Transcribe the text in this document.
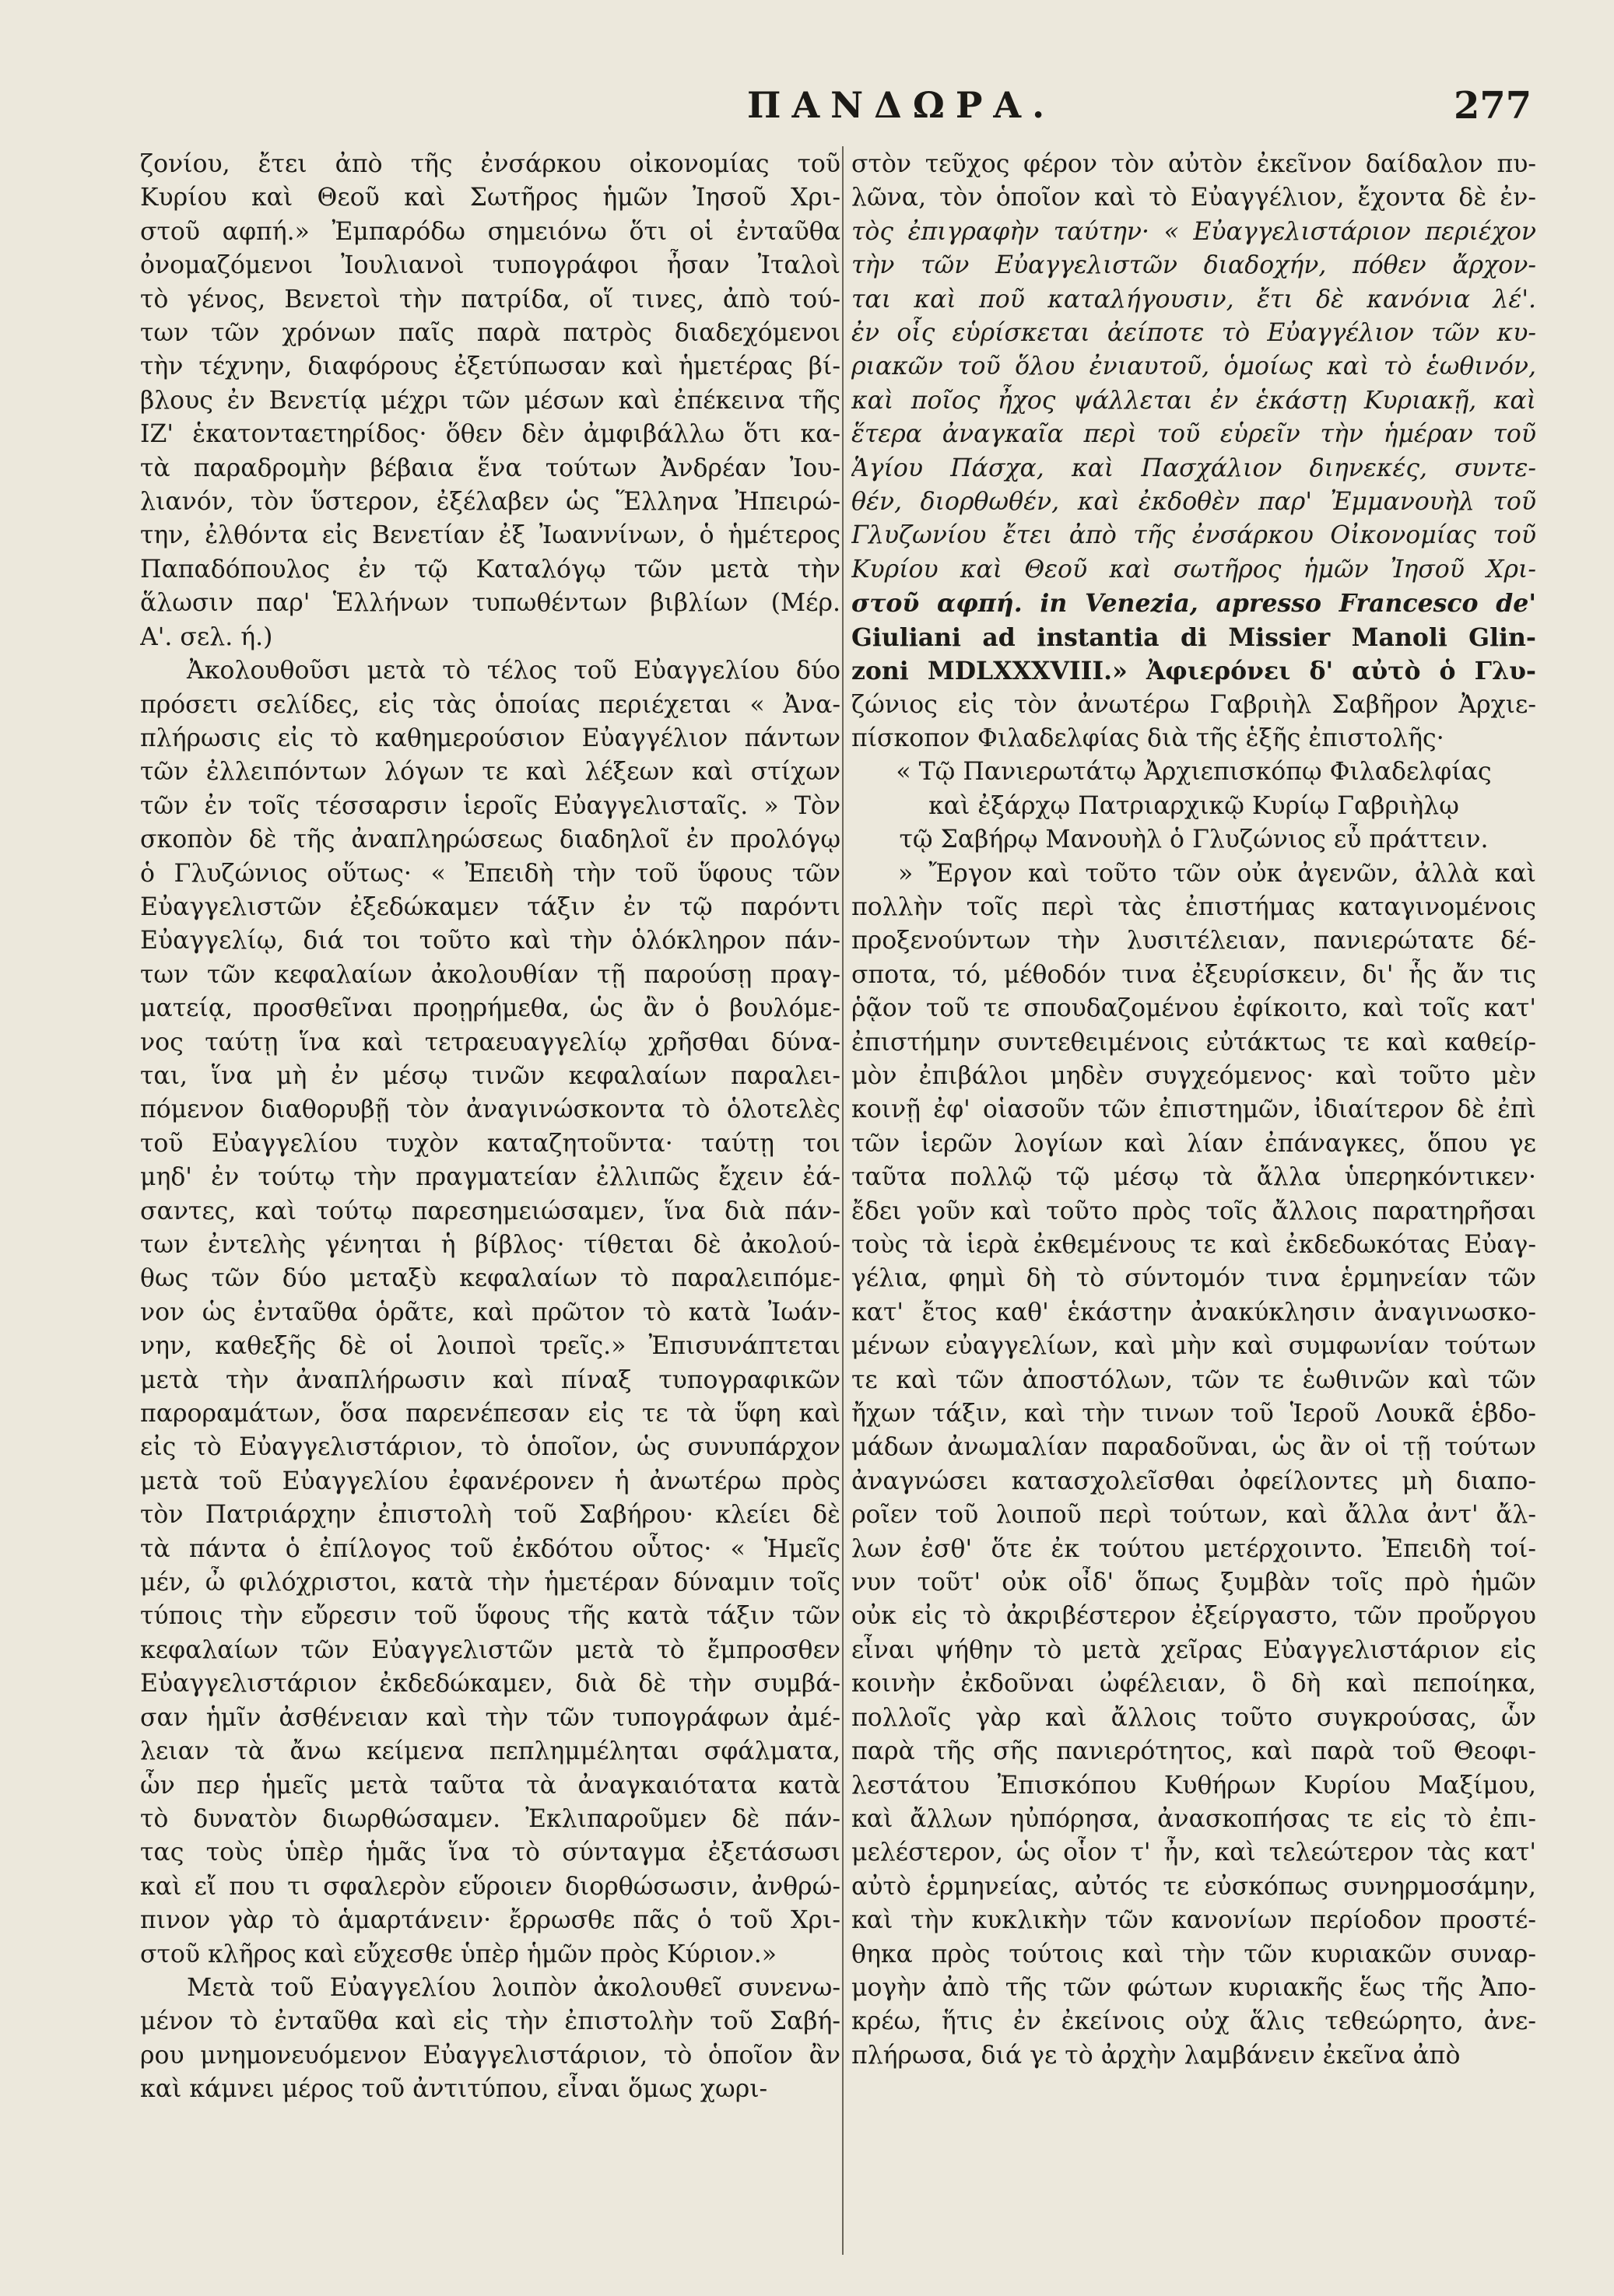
ΠΑΝΔΩΡΑ.	277
ζονίου, ἔτει ἀπὸ τῆς ἐνσάρκου οἰκονομίας τοῦ
Κυρίου καὶ Θεοῦ καὶ Σωτῆρος ἡμῶν Ἰησοῦ Χρι-
στοῦ αφπή.» Ἐμπαρόδω σημειόνω ὅτι οἱ ἐνταῦθα
ὀνομαζόμενοι Ἰουλιανοὶ τυπογράφοι ἦσαν Ἰταλοὶ
τὸ γένος, Βενετοὶ τὴν πατρίδα, οἵ τινες, ἀπὸ τού-
των τῶν χρόνων παῖς παρὰ πατρὸς διαδεχόμενοι
τὴν τέχνην, διαφόρους ἐξετύπωσαν καὶ ἡμετέρας βί-
βλους ἐν Βενετίᾳ μέχρι τῶν μέσων καὶ ἐπέκεινα τῆς
ΙΖ' ἑκατονταετηρίδος· ὅθεν δὲν ἀμφιβάλλω ὅτι κα-
τὰ παραδρομὴν βέβαια ἕνα τούτων Ἀνδρέαν Ἰου-
λιανόν, τὸν ὕστερον, ἐξέλαβεν ὡς Ἕλληνα Ἠπειρώ-
την, ἐλθόντα εἰς Βενετίαν ἐξ Ἰωαννίνων, ὁ ἡμέτερος
Παπαδόπουλος ἐν τῷ Καταλόγῳ τῶν μετὰ τὴν
ἅλωσιν παρ' Ἑλλήνων τυπωθέντων βιβλίων (Μέρ.
Α'. σελ. ή.)
Ἀκολουθοῦσι μετὰ τὸ τέλος τοῦ Εὐαγγελίου δύο
πρόσετι σελίδες, εἰς τὰς ὁποίας περιέχεται « Ἀνα-
πλήρωσις εἰς τὸ καθημερούσιον Εὐαγγέλιον πάντων
τῶν ἐλλειπόντων λόγων τε καὶ λέξεων καὶ στίχων
τῶν ἐν τοῖς τέσσαρσιν ἱεροῖς Εὐαγγελισταῖς. » Τὸν
σκοπὸν δὲ τῆς ἀναπληρώσεως διαδηλοῖ ἐν προλόγῳ
ὁ Γλυζώνιος οὕτως· « Ἐπειδὴ τὴν τοῦ ὕφους τῶν
Εὐαγγελιστῶν ἐξεδώκαμεν τάξιν ἐν τῷ παρόντι
Εὐαγγελίῳ, διά τοι τοῦτο καὶ τὴν ὁλόκληρον πάν-
των τῶν κεφαλαίων ἀκολουθίαν τῇ παρούσῃ πραγ-
ματείᾳ, προσθεῖναι προῃρήμεθα, ὡς ἂν ὁ βουλόμε-
νος ταύτῃ ἵνα καὶ τετραευαγγελίῳ χρῆσθαι δύνα-
ται, ἵνα μὴ ἐν μέσῳ τινῶν κεφαλαίων παραλει-
πόμενον διαθορυβῇ τὸν ἀναγινώσκοντα τὸ ὁλοτελὲς
τοῦ Εὐαγγελίου τυχὸν καταζητοῦντα· ταύτῃ τοι
μηδ' ἐν τούτῳ τὴν πραγματείαν ἐλλιπῶς ἔχειν ἐά-
σαντες, καὶ τούτῳ παρεσημειώσαμεν, ἵνα διὰ πάν-
των ἐντελὴς γένηται ἡ βίβλος· τίθεται δὲ ἀκολού-
θως τῶν δύο μεταξὺ κεφαλαίων τὸ παραλειπόμε-
νον ὡς ἐνταῦθα ὁρᾶτε, καὶ πρῶτον τὸ κατὰ Ἰωάν-
νην, καθεξῆς δὲ οἱ λοιποὶ τρεῖς.» Ἐπισυνάπτεται
μετὰ τὴν ἀναπλήρωσιν καὶ πίναξ τυπογραφικῶν
παροραμάτων, ὅσα παρενέπεσαν εἰς τε τὰ ὕφη καὶ
εἰς τὸ Εὐαγγελιστάριον, τὸ ὁποῖον, ὡς συνυπάρχον
μετὰ τοῦ Εὐαγγελίου ἐφανέρονεν ἡ ἀνωτέρω πρὸς
τὸν Πατριάρχην ἐπιστολὴ τοῦ Σαβήρου· κλείει δὲ
τὰ πάντα ὁ ἐπίλογος τοῦ ἐκδότου οὗτος· « Ἡμεῖς
μέν, ὦ φιλόχριστοι, κατὰ τὴν ἡμετέραν δύναμιν τοῖς
τύποις τὴν εὔρεσιν τοῦ ὕφους τῆς κατὰ τάξιν τῶν
κεφαλαίων τῶν Εὐαγγελιστῶν μετὰ τὸ ἔμπροσθεν
Εὐαγγελιστάριον ἐκδεδώκαμεν, διὰ δὲ τὴν συμβά-
σαν ἡμῖν ἀσθένειαν καὶ τὴν τῶν τυπογράφων ἀμέ-
λειαν τὰ ἄνω κείμενα πεπλημμέληται σφάλματα,
ὧν περ ἡμεῖς μετὰ ταῦτα τὰ ἀναγκαιότατα κατὰ
τὸ δυνατὸν διωρθώσαμεν. Ἐκλιπαροῦμεν δὲ πάν-
τας τοὺς ὑπὲρ ἡμᾶς ἵνα τὸ σύνταγμα ἐξετάσωσι
καὶ εἴ που τι σφαλερὸν εὕροιεν διορθώσωσιν, ἀνθρώ-
πινον γὰρ τὸ ἁμαρτάνειν· ἔρρωσθε πᾶς ὁ τοῦ Χρι-
στοῦ κλῆρος καὶ εὔχεσθε ὑπὲρ ἡμῶν πρὸς Κύριον.»
Μετὰ τοῦ Εὐαγγελίου λοιπὸν ἀκολουθεῖ συνενω-
μένον τὸ ἐνταῦθα καὶ εἰς τὴν ἐπιστολὴν τοῦ Σαβή-
ρου μνημονευόμενον Εὐαγγελιστάριον, τὸ ὁποῖον ἂν
καὶ κάμνει μέρος τοῦ ἀντιτύπου, εἶναι ὅμως χωρι-
στὸν τεῦχος φέρον τὸν αὐτὸν ἐκεῖνον δαίδαλον πυ-
λῶνα, τὸν ὁποῖον καὶ τὸ Εὐαγγέλιον, ἔχοντα δὲ ἐν-
τὸς ἐπιγραφὴν ταύτην· « Εὐαγγελιστάριον περιέχον
τὴν τῶν Εὐαγγελιστῶν διαδοχήν, πόθεν ἄρχον-
ται καὶ ποῦ καταλήγουσιν, ἔτι δὲ κανόνια λέ'.
ἐν οἷς εὑρίσκεται ἀείποτε τὸ Εὐαγγέλιον τῶν κυ-
ριακῶν τοῦ ὅλου ἐνιαυτοῦ, ὁμοίως καὶ τὸ ἑωθινόν,
καὶ ποῖος ἦχος ψάλλεται ἐν ἑκάστῃ Κυριακῇ, καὶ
ἕτερα ἀναγκαῖα περὶ τοῦ εὑρεῖν τὴν ἡμέραν τοῦ
Ἁγίου Πάσχα, καὶ Πασχάλιον διηνεκές, συντε-
θέν, διορθωθέν, καὶ ἐκδοθὲν παρ' Ἐμμανουὴλ τοῦ
Γλυζωνίου ἔτει ἀπὸ τῆς ἐνσάρκου Οἰκονομίας τοῦ
Κυρίου καὶ Θεοῦ καὶ σωτῆρος ἡμῶν Ἰησοῦ Χρι-
στοῦ αφπή. in Venezia, apresso Francesco de'
Giuliani ad instantia di Missier Manoli Glin-
zoni MDLXXXVIII.» Ἀφιερόνει δ' αὐτὸ ὁ Γλυ-
ζώνιος εἰς τὸν ἀνωτέρω Γαβριὴλ Σαβῆρον Ἀρχιε-
πίσκοπον Φιλαδελφίας διὰ τῆς ἑξῆς ἐπιστολῆς·
« Τῷ Πανιερωτάτῳ Ἀρχιεπισκόπῳ Φιλαδελφίας
καὶ ἐξάρχῳ Πατριαρχικῷ Κυρίῳ Γαβριὴλῳ
τῷ Σαβήρῳ Μανουὴλ ὁ Γλυζώνιος εὖ πράττειν.
» Ἔργον καὶ τοῦτο τῶν οὐκ ἀγενῶν, ἀλλὰ καὶ
πολλὴν τοῖς περὶ τὰς ἐπιστήμας καταγινομένοις
προξενούντων τὴν λυσιτέλειαν, πανιερώτατε δέ-
σποτα, τό, μέθοδόν τινα ἐξευρίσκειν, δι' ἧς ἄν τις
ῥᾷον τοῦ τε σπουδαζομένου ἐφίκοιτο, καὶ τοῖς κατ'
ἐπιστήμην συντεθειμένοις εὐτάκτως τε καὶ καθείρ-
μὸν ἐπιβάλοι μηδὲν συγχεόμενος· καὶ τοῦτο μὲν
κοινῇ ἐφ' οἱασοῦν τῶν ἐπιστημῶν, ἰδιαίτερον δὲ ἐπὶ
τῶν ἱερῶν λογίων καὶ λίαν ἐπάναγκες, ὅπου γε
ταῦτα πολλῷ τῷ μέσῳ τὰ ἄλλα ὑπερηκόντικεν·
ἔδει γοῦν καὶ τοῦτο πρὸς τοῖς ἄλλοις παρατηρῆσαι
τοὺς τὰ ἱερὰ ἐκθεμένους τε καὶ ἐκδεδωκότας Εὐαγ-
γέλια, φημὶ δὴ τὸ σύντομόν τινα ἑρμηνείαν τῶν
κατ' ἔτος καθ' ἑκάστην ἀνακύκλησιν ἀναγινωσκο-
μένων εὐαγγελίων, καὶ μὴν καὶ συμφωνίαν τούτων
τε καὶ τῶν ἀποστόλων, τῶν τε ἑωθινῶν καὶ τῶν
ἤχων τάξιν, καὶ τὴν τινων τοῦ Ἱεροῦ Λουκᾶ ἑβδο-
μάδων ἀνωμαλίαν παραδοῦναι, ὡς ἂν οἱ τῇ τούτων
ἀναγνώσει κατασχολεῖσθαι ὀφείλοντες μὴ διαπο-
ροῖεν τοῦ λοιποῦ περὶ τούτων, καὶ ἄλλα ἀντ' ἄλ-
λων ἐσθ' ὅτε ἐκ τούτου μετέρχοιντο. Ἐπειδὴ τοί-
νυν τοῦτ' οὐκ οἶδ' ὅπως ξυμβὰν τοῖς πρὸ ἡμῶν
οὐκ εἰς τὸ ἀκριβέστερον ἐξείργαστο, τῶν προὔργου
εἶναι ψήθην τὸ μετὰ χεῖρας Εὐαγγελιστάριον εἰς
κοινὴν ἐκδοῦναι ὠφέλειαν, ὃ δὴ καὶ πεποίηκα,
πολλοῖς γὰρ καὶ ἄλλοις τοῦτο συγκρούσας, ὧν
παρὰ τῆς σῆς πανιερότητος, καὶ παρὰ τοῦ Θεοφι-
λεστάτου Ἐπισκόπου Κυθήρων Κυρίου Μαξίμου,
καὶ ἄλλων ηὐπόρησα, ἀνασκοπήσας τε εἰς τὸ ἐπι-
μελέστερον, ὡς οἷον τ' ἦν, καὶ τελεώτερον τὰς κατ'
αὐτὸ ἑρμηνείας, αὐτός τε εὐσκόπως συνηρμοσάμην,
καὶ τὴν κυκλικὴν τῶν κανονίων περίοδον προστέ-
θηκα πρὸς τούτοις καὶ τὴν τῶν κυριακῶν συναρ-
μογὴν ἀπὸ τῆς τῶν φώτων κυριακῆς ἕως τῆς Ἀπο-
κρέω, ἥτις ἐν ἐκείνοις οὐχ ἅλις τεθεώρητο, ἀνε-
πλήρωσα, διά γε τὸ ἀρχὴν λαμβάνειν ἐκεῖνα ἀπὸ
